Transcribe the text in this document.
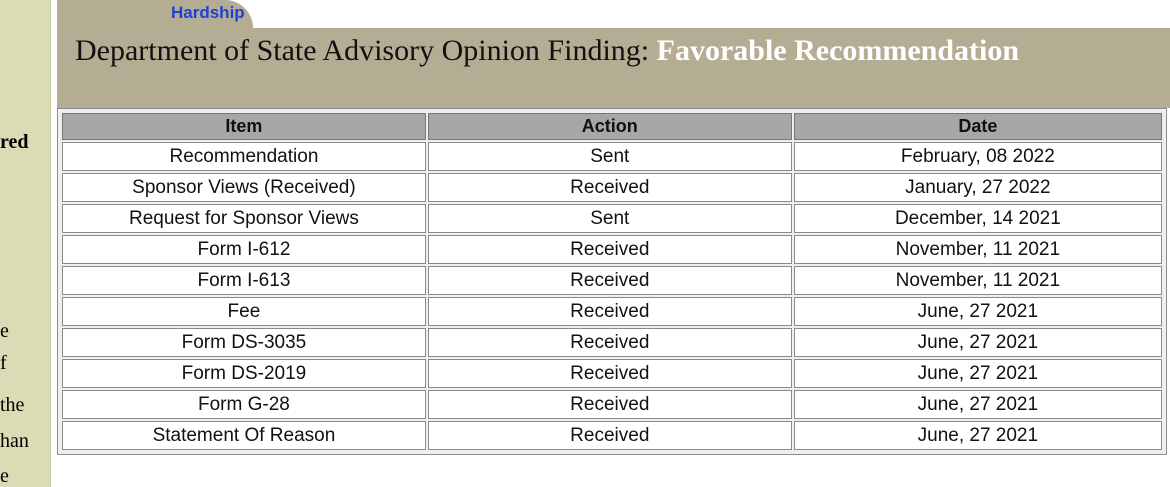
red
e
f
the
han
e
Hardship
Department of State Advisory Opinion Finding: Favorable Recommendation
Item	Action	Date
Recommendation	Sent	February, 08 2022
Sponsor Views (Received)	Received	January, 27 2022
Request for Sponsor Views	Sent	December, 14 2021
Form I-612	Received	November, 11 2021
Form I-613	Received	November, 11 2021
Fee	Received	June, 27 2021
Form DS-3035	Received	June, 27 2021
Form DS-2019	Received	June, 27 2021
Form G-28	Received	June, 27 2021
Statement Of Reason	Received	June, 27 2021
